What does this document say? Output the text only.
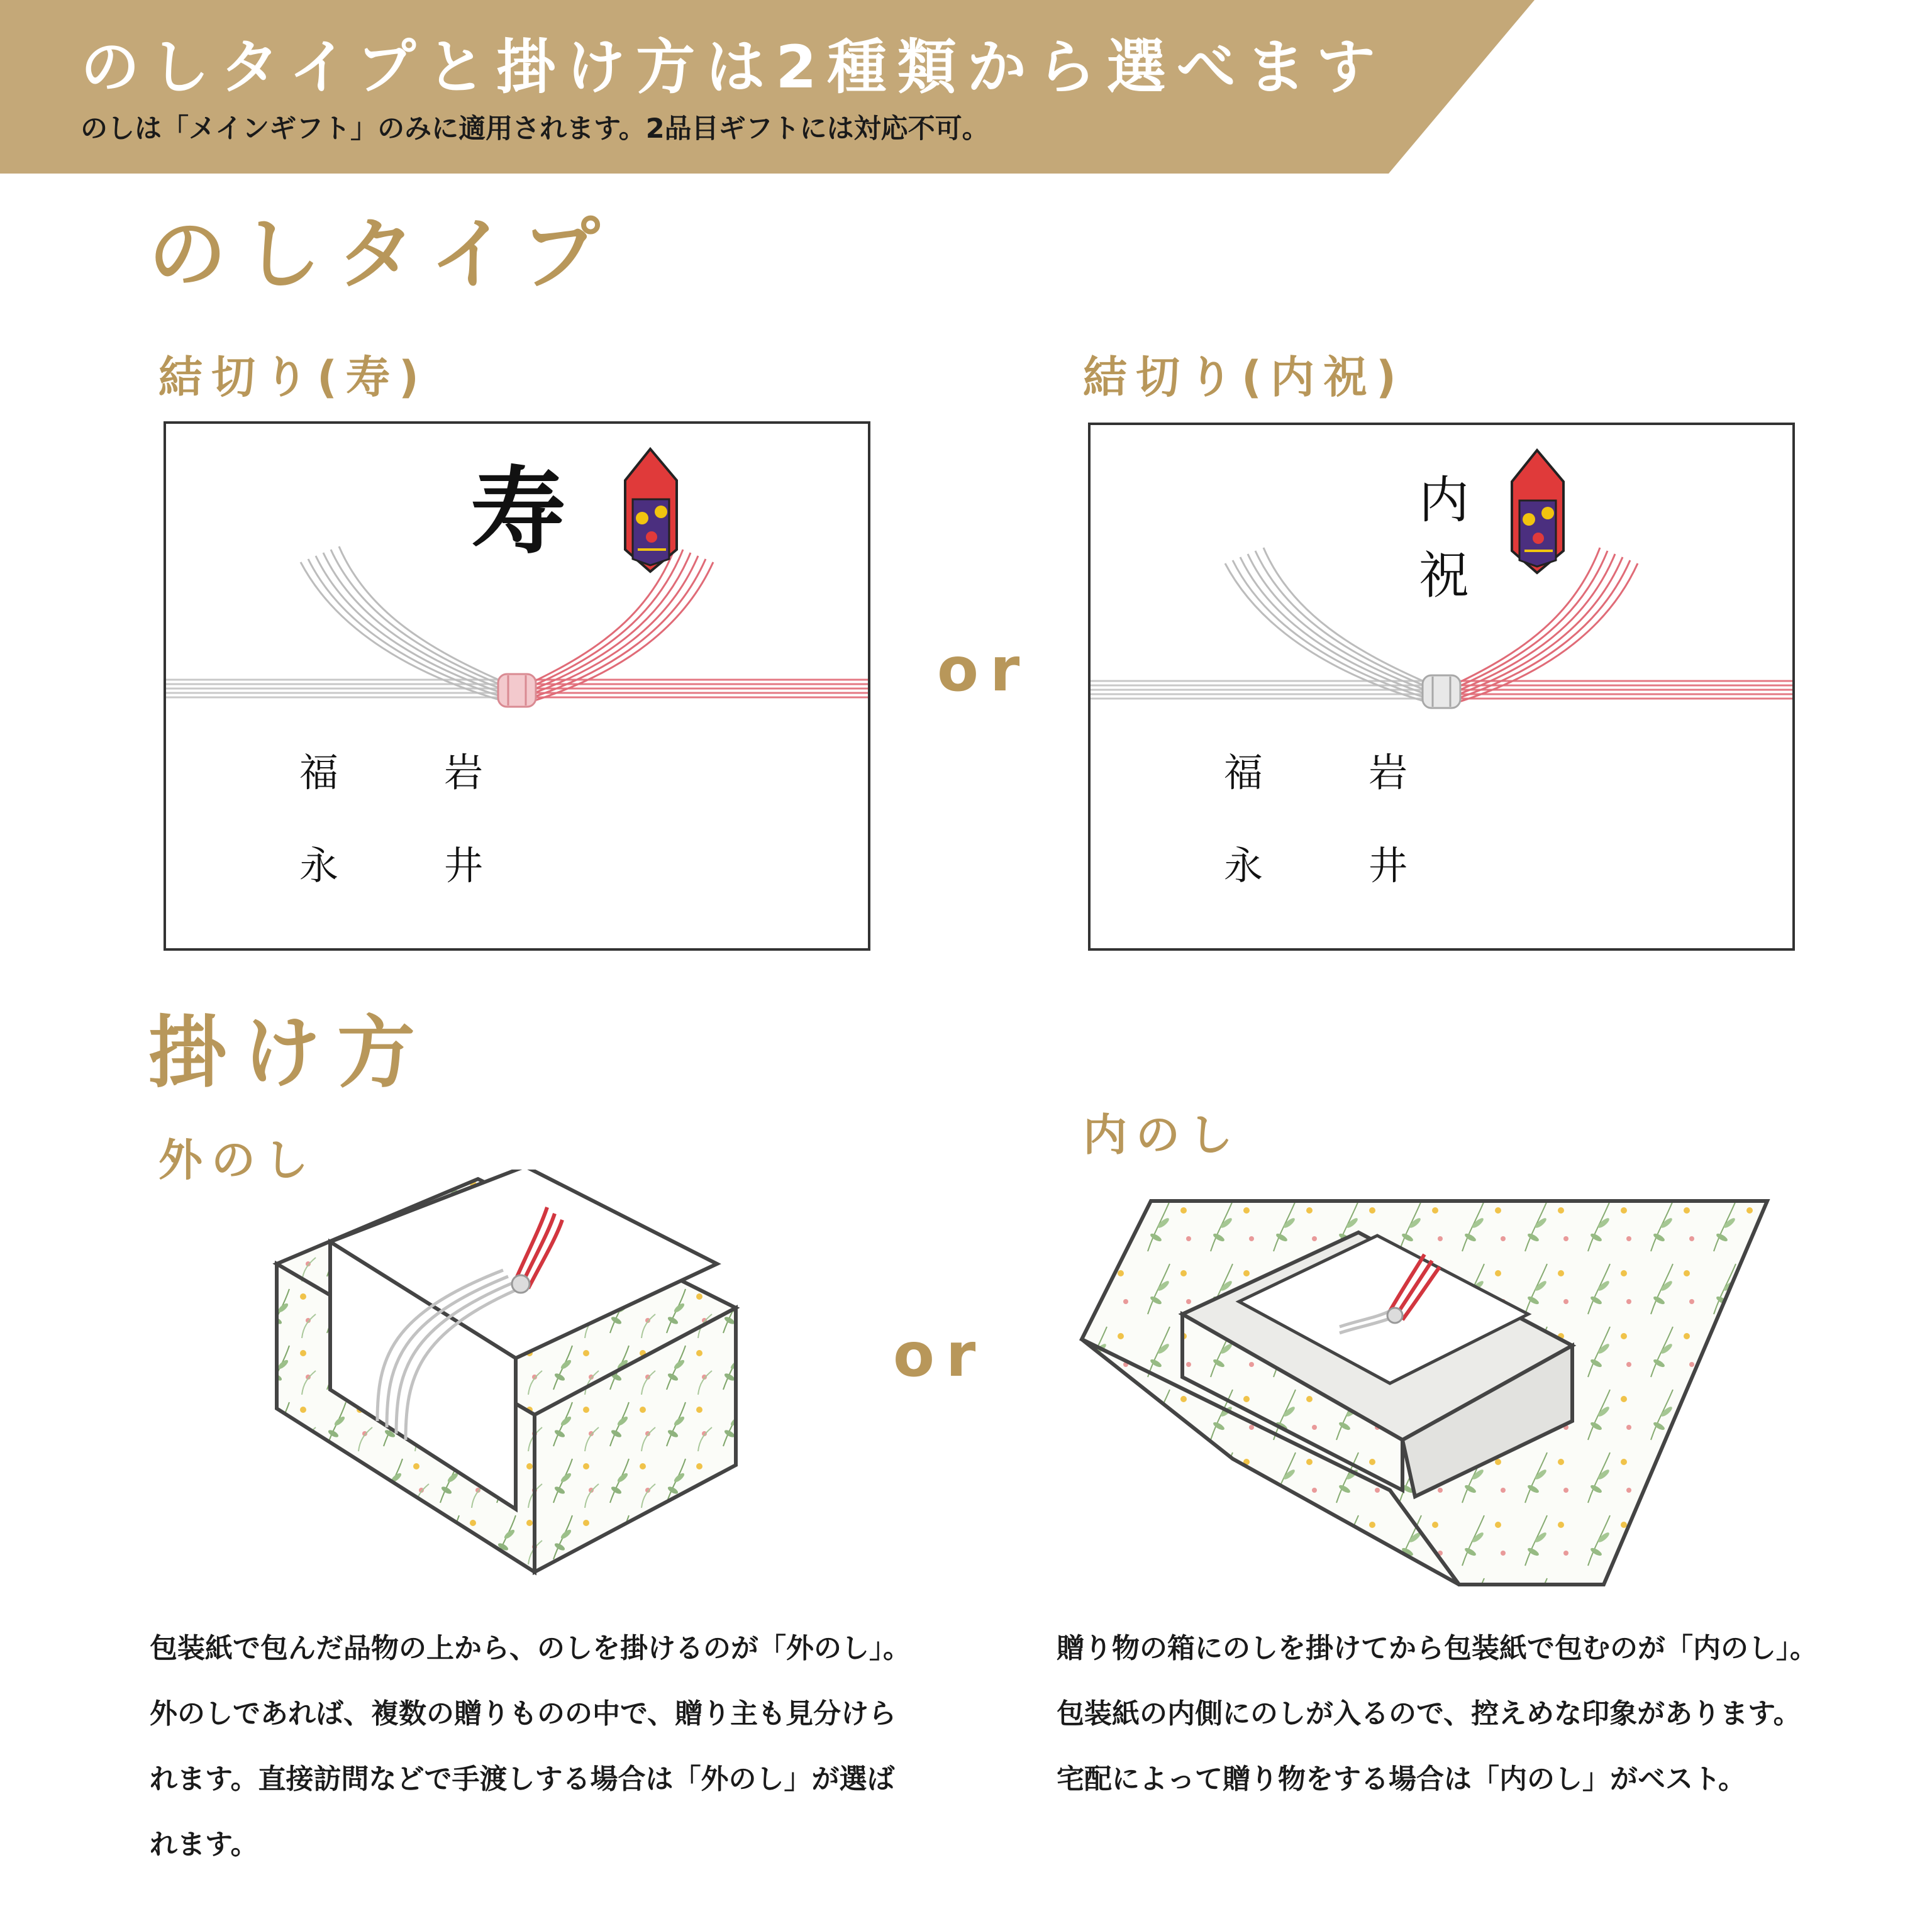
のしタイプと掛け方は2種類から選べます
のしは「メインギフト」のみに適用されます。2品目ギフトには対応不可。
のしタイプ
結切り(寿)	結切り(内祝)
寿
岩
井
福
永
or
内
祝
岩
井
福
永
掛け方
外のし	内のし
or
包装紙で包んだ品物の上から、のしを掛けるのが「外のし」。
外のしであれば、複数の贈りものの中で、贈り主も見分けら
れます。直接訪問などで手渡しする場合は「外のし」が選ば
れます。
贈り物の箱にのしを掛けてから包装紙で包むのが「内のし」。
包装紙の内側にのしが入るので、控えめな印象があります。
宅配によって贈り物をする場合は「内のし」がベスト。
